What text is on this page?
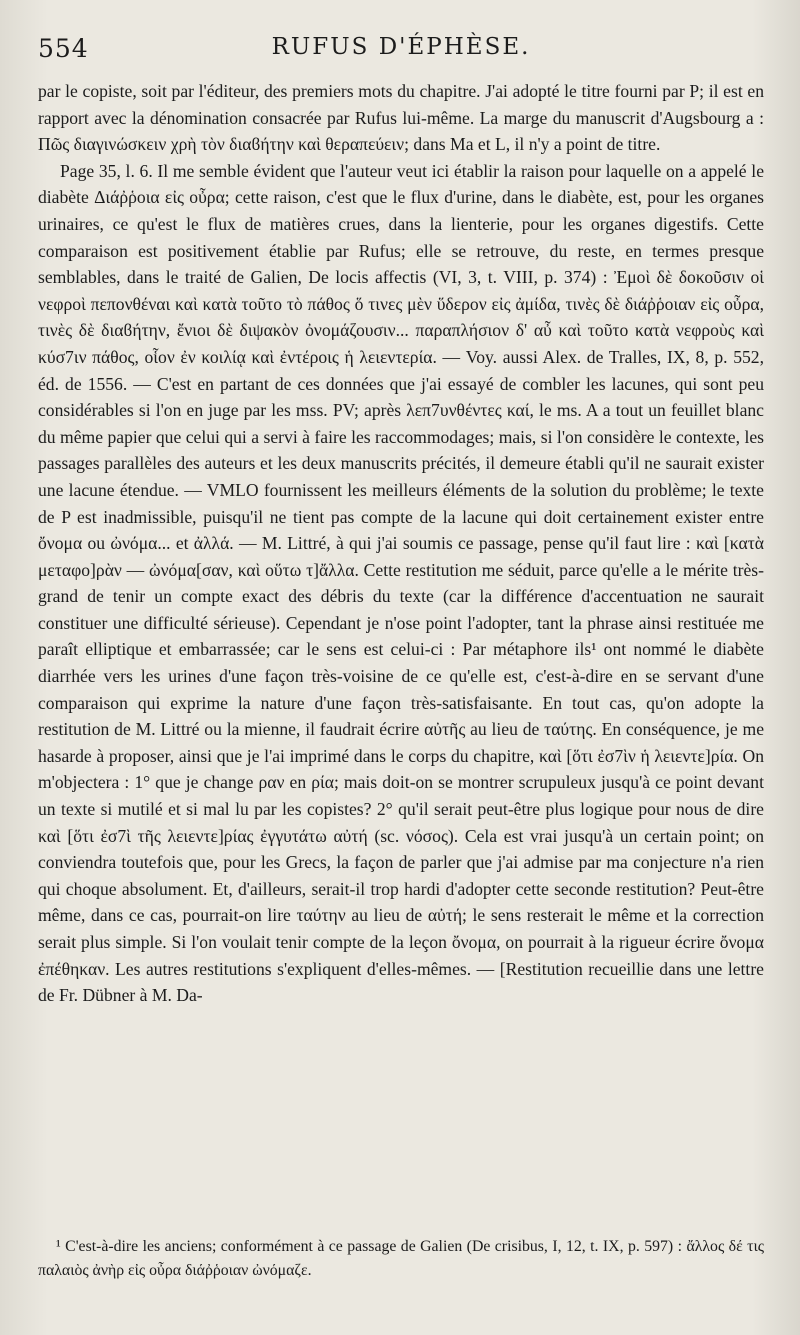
554	RUFUS D'ÉPHÈSE.

par le copiste, soit par l'éditeur, des premiers mots du chapitre. J'ai adopté le titre fourni par P; il est en rapport avec la dénomination consacrée par Rufus lui-même. La marge du manuscrit d'Augsbourg a : Πῶς διαγινώσκειν χρὴ τὸν διαϐήτην καὶ θεραπεύειν; dans Ma et L, il n'y a point de titre.

Page 35, l. 6. Il me semble évident que l'auteur veut ici établir la raison pour laquelle on a appelé le diabète Διάῤῥοια εἰς οὖρα; cette raison, c'est que le flux d'urine, dans le diabète, est, pour les organes urinaires, ce qu'est le flux de matières crues, dans la lienterie, pour les organes digestifs. Cette comparaison est positivement établie par Rufus; elle se retrouve, du reste, en termes presque semblables, dans le traité de Galien, De locis affectis (VI, 3, t. VIII, p. 374) : Ἐμοὶ δὲ δοκοῦσιν οἱ νεφροὶ πεπονθέναι καὶ κατὰ τοῦτο τὸ πάθος ὅ τινες μὲν ὕδερον εἰς ἀμίδα, τινὲς δὲ διάῤῥοιαν εἰς οὖρα, τινὲς δὲ διαϐήτην, ἔνιοι δὲ διψακὸν ὀνομάζουσιν... παραπλήσιον δ' αὖ καὶ τοῦτο κατὰ νεφροὺς καὶ κύσ7ιν πάθος, οἷον ἐν κοιλίᾳ καὶ ἐντέροις ἡ λειεντερία. — Voy. aussi Alex. de Tralles, IX, 8, p. 552, éd. de 1556. — C'est en partant de ces données que j'ai essayé de combler les lacunes, qui sont peu considérables si l'on en juge par les mss. PV; après λεπ7υνθέντες καί, le ms. A a tout un feuillet blanc du même papier que celui qui a servi à faire les raccommodages; mais, si l'on considère le contexte, les passages parallèles des auteurs et les deux manuscrits précités, il demeure établi qu'il ne saurait exister une lacune étendue. — VMLO fournissent les meilleurs éléments de la solution du problème; le texte de P est inadmissible, puisqu'il ne tient pas compte de la lacune qui doit certainement exister entre ὄνομα ou ὠνόμα... et ἀλλά. — M. Littré, à qui j'ai soumis ce passage, pense qu'il faut lire : καὶ [κατὰ μεταφο]ρὰν — ὠνόμα[σαν, καὶ οὕτω τ]ἄλλα. Cette restitution me séduit, parce qu'elle a le mérite très-grand de tenir un compte exact des débris du texte (car la différence d'accentuation ne saurait constituer une difficulté sérieuse). Cependant je n'ose point l'adopter, tant la phrase ainsi restituée me paraît elliptique et embarrassée; car le sens est celui-ci : Par métaphore ils¹ ont nommé le diabète diarrhée vers les urines d'une façon très-voisine de ce qu'elle est, c'est-à-dire en se servant d'une comparaison qui exprime la nature d'une façon très-satisfaisante. En tout cas, qu'on adopte la restitution de M. Littré ou la mienne, il faudrait écrire αὐτῆς au lieu de ταύτης. En conséquence, je me hasarde à proposer, ainsi que je l'ai imprimé dans le corps du chapitre, καὶ [ὅτι ἐσ7ὶν ἡ λειεντε]ρία. On m'objectera : 1° que je change ραν en ρία; mais doit-on se montrer scrupuleux jusqu'à ce point devant un texte si mutilé et si mal lu par les copistes? 2° qu'il serait peut-être plus logique pour nous de dire καὶ [ὅτι ἐσ7ὶ τῆς λειεντε]ρίας ἐγγυτάτω αὐτή (sc. νόσος). Cela est vrai jusqu'à un certain point; on conviendra toutefois que, pour les Grecs, la façon de parler que j'ai admise par ma conjecture n'a rien qui choque absolument. Et, d'ailleurs, serait-il trop hardi d'adopter cette seconde restitution? Peut-être même, dans ce cas, pourrait-on lire ταύτην au lieu de αὐτή; le sens resterait le même et la correction serait plus simple. Si l'on voulait tenir compte de la leçon ὄνομα, on pourrait à la rigueur écrire ὄνομα ἐπέθηκαν. Les autres restitutions s'expliquent d'elles-mêmes. — [Restitution recueillie dans une lettre de Fr. Dübner à M. Da-

¹ C'est-à-dire les anciens; conformément à ce passage de Galien (De crisibus, I, 12, t. IX, p. 597) : ἄλλος δέ τις παλαιὸς ἀνὴρ εἰς οὖρα διάῤῥοιαν ὠνόμαζε.
